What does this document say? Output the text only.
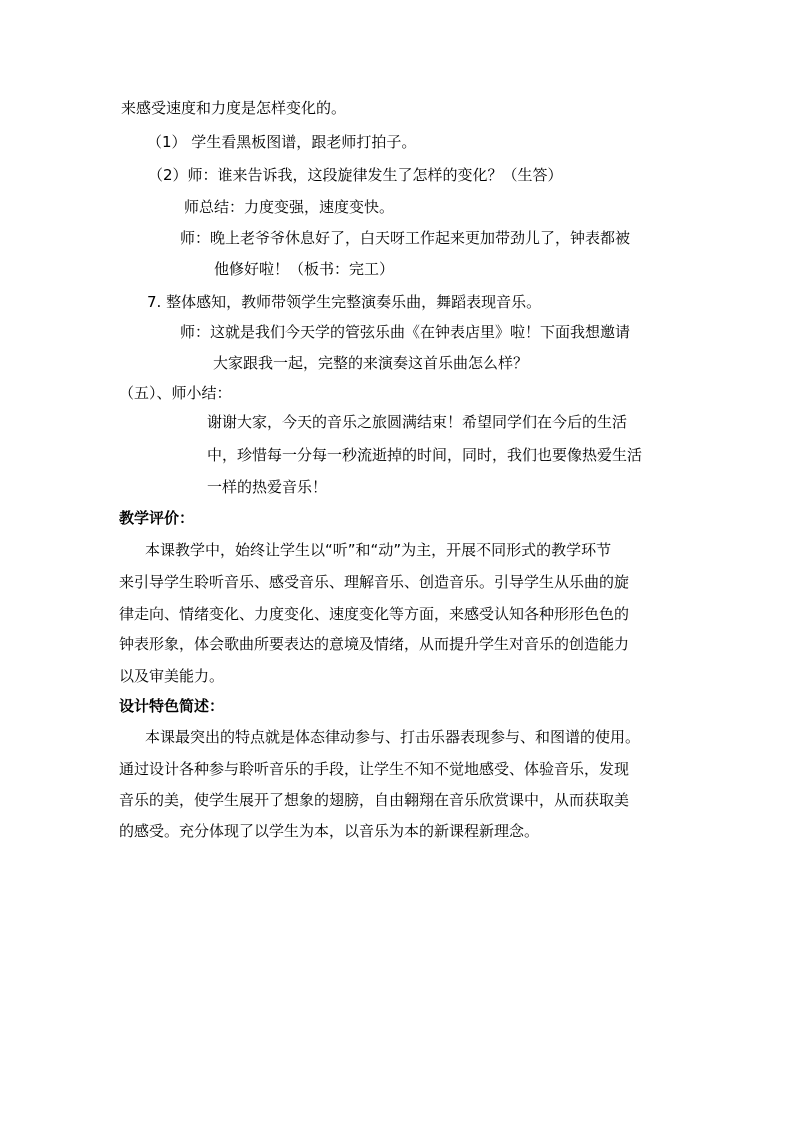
来感受速度和力度是怎样变化的。
（1） 学生看黑板图谱，跟老师打拍子。
（2）师：谁来告诉我，这段旋律发生了怎样的变化？（生答）
师总结：力度变强，速度变快。
师：晚上老爷爷休息好了，白天呀工作起来更加带劲儿了，钟表都被
他修好啦！（板书：完工）
7. 整体感知，教师带领学生完整演奏乐曲，舞蹈表现音乐。
师：这就是我们今天学的管弦乐曲《在钟表店里》啦！下面我想邀请
大家跟我一起，完整的来演奏这首乐曲怎么样？
（五）、师小结：
谢谢大家，今天的音乐之旅圆满结束！希望同学们在今后的生活
中，珍惜每一分每一秒流逝掉的时间，同时，我们也要像热爱生活
一样的热爱音乐！
教学评价：
本课教学中，始终让学生以“听”和“动”为主，开展不同形式的教学环节
来引导学生聆听音乐、感受音乐、理解音乐、创造音乐。引导学生从乐曲的旋
律走向、情绪变化、力度变化、速度变化等方面，来感受认知各种形形色色的
钟表形象，体会歌曲所要表达的意境及情绪，从而提升学生对音乐的创造能力
以及审美能力。
设计特色简述：
本课最突出的特点就是体态律动参与、打击乐器表现参与、和图谱的使用。
通过设计各种参与聆听音乐的手段，让学生不知不觉地感受、体验音乐，发现
音乐的美，使学生展开了想象的翅膀，自由翱翔在音乐欣赏课中，从而获取美
的感受。充分体现了以学生为本，以音乐为本的新课程新理念。
